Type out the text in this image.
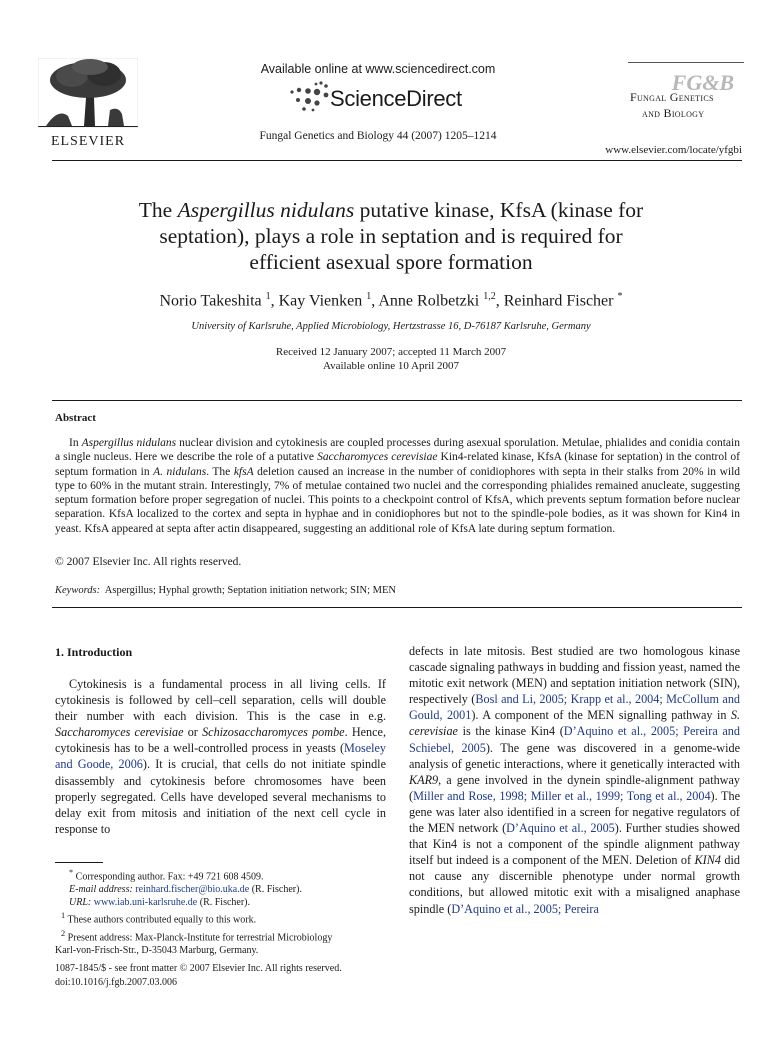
ELSEVIER
Available online at www.sciencedirect.com
ScienceDirect
Fungal Genetics and Biology 44 (2007) 1205–1214
FG&B
Fungal Genetics
and Biology
www.elsevier.com/locate/yfgbi
The Aspergillus nidulans putative kinase, KfsA (kinase for
septation), plays a role in septation and is required for
efficient asexual spore formation
Norio Takeshita $^1$, Kay Vienken $^1$, Anne Rolbetzki $^{1,2}$, Reinhard Fischer *
University of Karlsruhe, Applied Microbiology, Hertzstrasse 16, D-76187 Karlsruhe, Germany
Received 12 January 2007; accepted 11 March 2007
Available online 10 April 2007
Abstract

In Aspergillus nidulans nuclear division and cytokinesis are coupled processes during asexual sporulation. Metulae, phialides and conidia contain a single nucleus. Here we describe the role of a putative Saccharomyces cerevisiae Kin4-related kinase, KfsA (kinase for septation) in the control of septum formation in A. nidulans. The kfsA deletion caused an increase in the number of conidiophores with septa in their stalks from 20% in wild type to 60% in the mutant strain. Interestingly, 7% of metulae contained two nuclei and the corresponding phialides remained anucleate, suggesting septum formation before proper segregation of nuclei. This points to a checkpoint control of KfsA, which prevents septum formation before nuclear separation. KfsA localized to the cortex and septa in hyphae and in conidiophores but not to the spindle-pole bodies, as it was shown for Kin4 in yeast. KfsA appeared at septa after actin disappeared, suggesting an additional role of KfsA late during septum formation.

© 2007 Elsevier Inc. All rights reserved.
Keywords: Aspergillus; Hyphal growth; Septation initiation network; SIN; MEN
1. Introduction

Cytokinesis is a fundamental process in all living cells. If cytokinesis is followed by cell–cell separation, cells will double their number with each division. This is the case in e.g. Saccharomyces cerevisiae or Schizosaccharomyces pombe. Hence, cytokinesis has to be a well-controlled process in yeasts (Moseley and Goode, 2006). It is crucial, that cells do not initiate spindle disassembly and cytokinesis before chromosomes have been properly segregated. Cells have developed several mechanisms to delay exit from mitosis and initiation of the next cell cycle in response to

defects in late mitosis. Best studied are two homologous kinase cascade signaling pathways in budding and fission yeast, named the mitotic exit network (MEN) and septation initiation network (SIN), respectively (Bosl and Li, 2005; Krapp et al., 2004; McCollum and Gould, 2001). A component of the MEN signalling pathway in S. cerevisiae is the kinase Kin4 (D’Aquino et al., 2005; Pereira and Schiebel, 2005). The gene was discovered in a genome-wide analysis of genetic interactions, where it genetically interacted with KAR9, a gene involved in the dynein spindle-alignment pathway (Miller and Rose, 1998; Miller et al., 1999; Tong et al., 2004). The gene was later also identified in a screen for negative regulators of the MEN network (D’Aquino et al., 2005). Further studies showed that Kin4 is not a component of the spindle alignment pathway itself but indeed is a component of the MEN. Deletion of KIN4 did not cause any discernible phenotype under normal growth conditions, but allowed mitotic exit with a misaligned anaphase spindle (D’Aquino et al., 2005; Pereira

* Corresponding author. Fax: +49 721 608 4509.
E-mail address: reinhard.fischer@bio.uka.de (R. Fischer).
URL: www.iab.uni-karlsruhe.de (R. Fischer).
$^1$ These authors contributed equally to this work.
$^2$ Present address: Max-Planck-Institute for terrestrial Microbiology
Karl-von-Frisch-Str., D-35043 Marburg, Germany.
1087-1845/$ - see front matter © 2007 Elsevier Inc. All rights reserved.
doi:10.1016/j.fgb.2007.03.006
